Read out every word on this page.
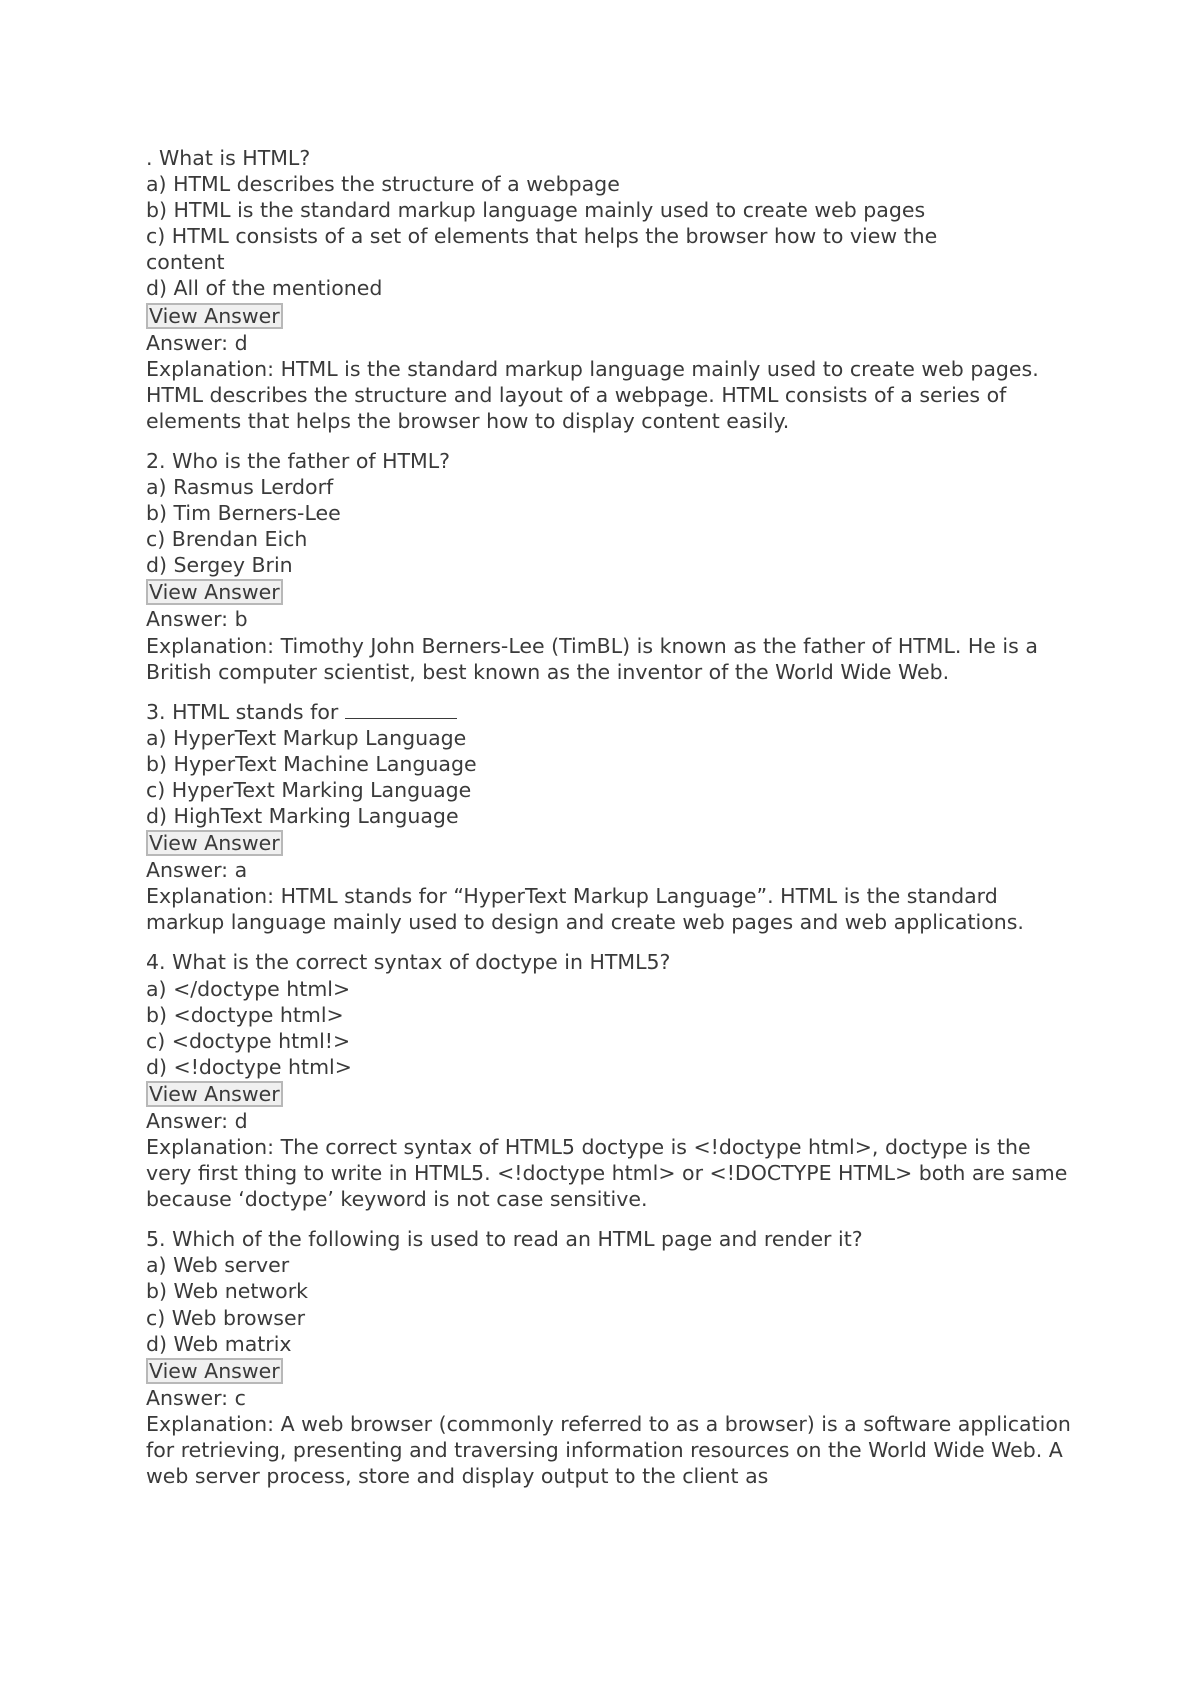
. What is HTML?
a) HTML describes the structure of a webpage
b) HTML is the standard markup language mainly used to create web pages
c) HTML consists of a set of elements that helps the browser how to view the content
d) All of the mentioned
View Answer
Answer: d
Explanation: HTML is the standard markup language mainly used to create web pages. HTML describes the structure and layout of a webpage. HTML consists of a series of elements that helps the browser how to display content easily.
2. Who is the father of HTML?
a) Rasmus Lerdorf
b) Tim Berners-Lee
c) Brendan Eich
d) Sergey Brin
View Answer
Answer: b
Explanation: Timothy John Berners-Lee (TimBL) is known as the father of HTML. He is a British computer scientist, best known as the inventor of the World Wide Web.
3. HTML stands for
a) HyperText Markup Language
b) HyperText Machine Language
c) HyperText Marking Language
d) HighText Marking Language
View Answer
Answer: a
Explanation: HTML stands for “HyperText Markup Language”. HTML is the standard markup language mainly used to design and create web pages and web applications.
4. What is the correct syntax of doctype in HTML5?
a) </doctype html>
b) <doctype html>
c) <doctype html!>
d) <!doctype html>
View Answer
Answer: d
Explanation: The correct syntax of HTML5 doctype is <!doctype html>, doctype is the very first thing to write in HTML5. <!doctype html> or <!DOCTYPE HTML> both are same because ‘doctype’ keyword is not case sensitive.
5. Which of the following is used to read an HTML page and render it?
a) Web server
b) Web network
c) Web browser
d) Web matrix
View Answer
Answer: c
Explanation: A web browser (commonly referred to as a browser) is a software application for retrieving, presenting and traversing information resources on the World Wide Web. A web server process, store and display output to the client as
